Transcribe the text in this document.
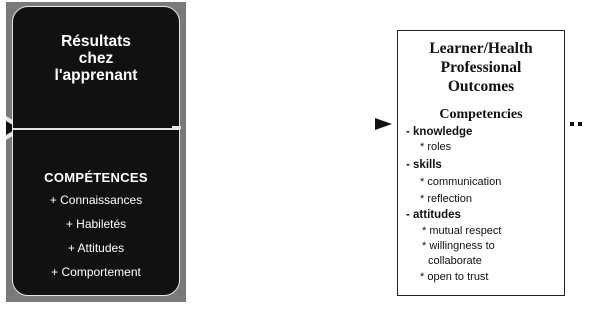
Résultats
chez
l'apprenant
COMPÉTENCES
+ Connaissances
+ Habiletés
+ Attitudes
+ Comportement
Learner/Health
Professional
Outcomes
Competencies
- knowledge
* roles
- skills
* communication
* reflection
- attitudes
* mutual respect
* willingness to
collaborate
* open to trust
